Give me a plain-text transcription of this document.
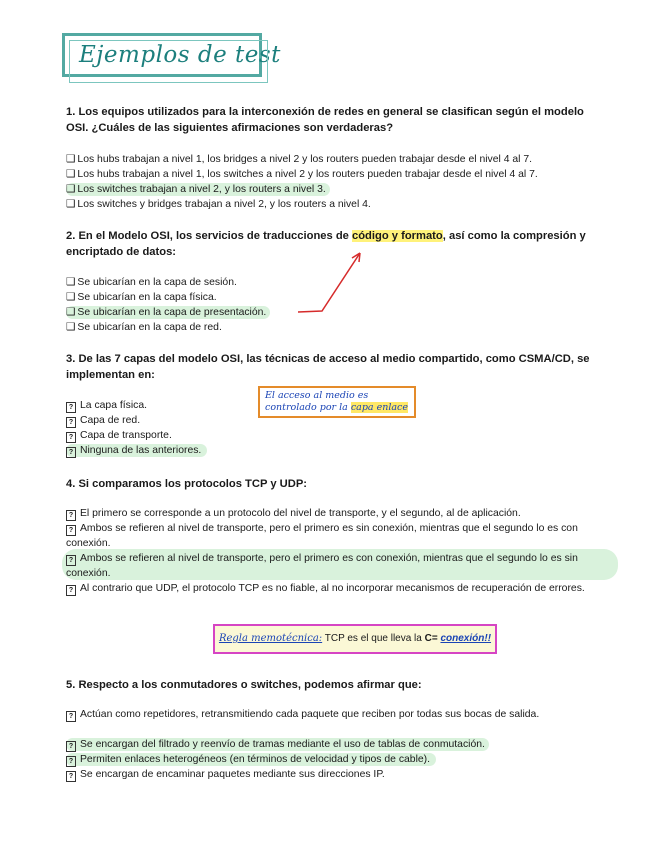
Ejemplos de test
1. Los equipos utilizados para la interconexión de redes en general se clasifican según el modelo OSI. ¿Cuáles de las siguientes afirmaciones son verdaderas?
❑ Los hubs trabajan a nivel 1, los bridges a nivel 2 y los routers pueden trabajar desde el nivel 4 al 7.
❑ Los hubs trabajan a nivel 1, los switches a nivel 2 y los routers pueden trabajar desde el nivel 4 al 7.
❑ Los switches trabajan a nivel 2, y los routers a nivel 3.
❑ Los switches y bridges trabajan a nivel 2, y los routers a nivel 4.
2. En el Modelo OSI, los servicios de traducciones de código y formato, así como la compresión y encriptado de datos:
❑ Se ubicarían en la capa de sesión.
❑ Se ubicarían en la capa física.
❑ Se ubicarían en la capa de presentación.
❑ Se ubicarían en la capa de red.
3. De las 7 capas del modelo OSI, las técnicas de acceso al medio compartido, como CSMA/CD, se implementan en:
? La capa física.
? Capa de red.
? Capa de transporte.
? Ninguna de las anteriores.
El acceso al medio es
controlado por la capa enlace
4. Si comparamos los protocolos TCP y UDP:
? El primero se corresponde a un protocolo del nivel de transporte, y el segundo, al de aplicación.
? Ambos se refieren al nivel de transporte, pero el primero es sin conexión, mientras que el segundo lo es con conexión.
? Ambos se refieren al nivel de transporte, pero el primero es con conexión, mientras que el segundo lo es sin conexión.
? Al contrario que UDP, el protocolo TCP es no fiable, al no incorporar mecanismos de recuperación de errores.
Regla memotécnica: TCP es el que lleva la C= conexión!!
5. Respecto a los conmutadores o switches, podemos afirmar que:
? Actúan como repetidores, retransmitiendo cada paquete que reciben por todas sus bocas de salida.
? Se encargan del filtrado y reenvío de tramas mediante el uso de tablas de conmutación.
? Permiten enlaces heterogéneos (en términos de velocidad y tipos de cable).
? Se encargan de encaminar paquetes mediante sus direcciones IP.
